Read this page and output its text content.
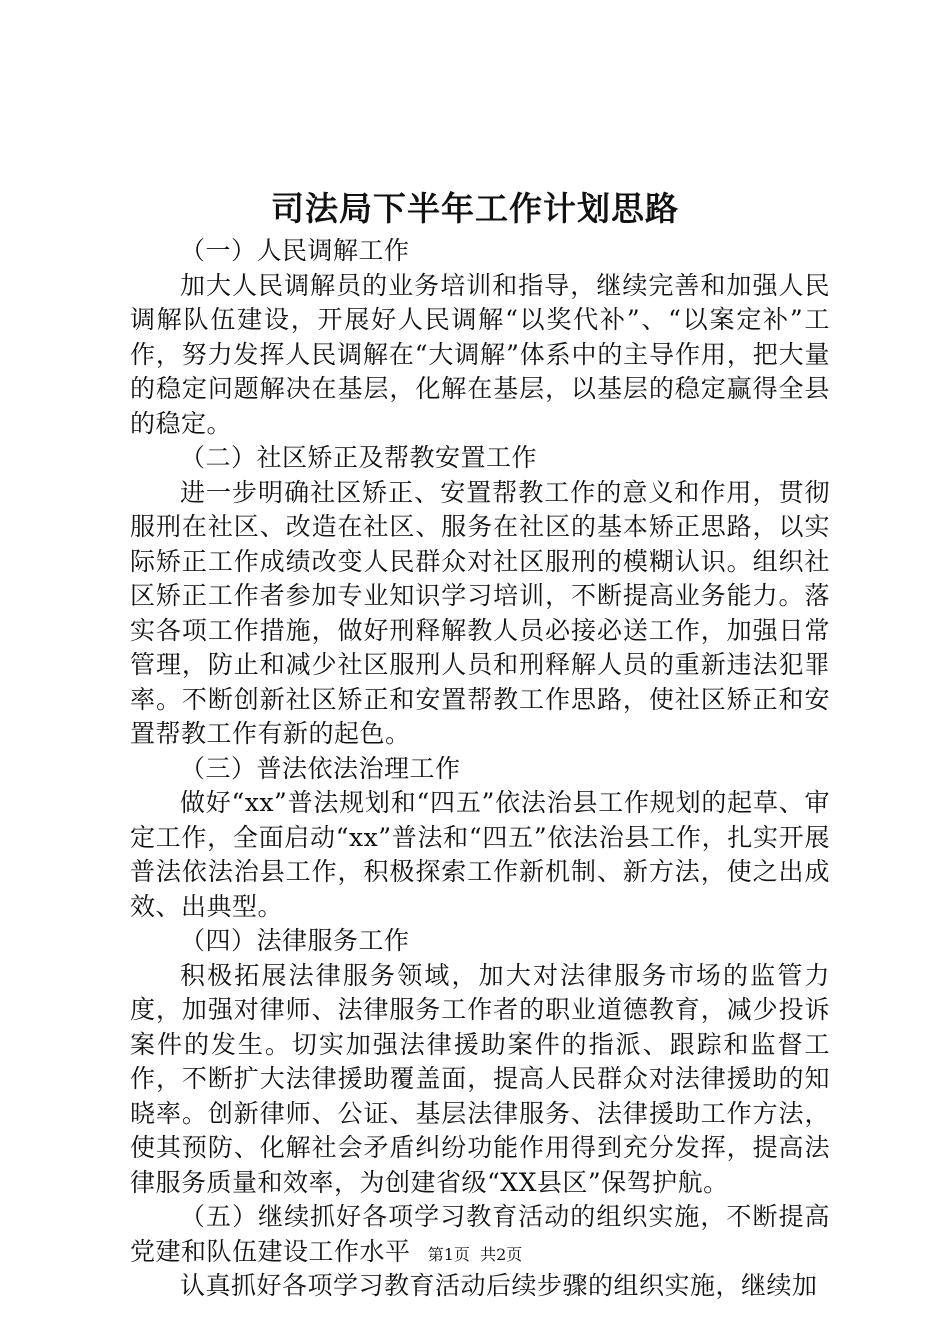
司法局下半年工作计划思路

（一）人民调解工作

加大人民调解员的业务培训和指导，继续完善和加强人民调解队伍建设，开展好人民调解“以奖代补”、“以案定补”工作，努力发挥人民调解在“大调解”体系中的主导作用，把大量的稳定问题解决在基层，化解在基层，以基层的稳定赢得全县的稳定。

（二）社区矫正及帮教安置工作

进一步明确社区矫正、安置帮教工作的意义和作用，贯彻服刑在社区、改造在社区、服务在社区的基本矫正思路，以实际矫正工作成绩改变人民群众对社区服刑的模糊认识。组织社区矫正工作者参加专业知识学习培训，不断提高业务能力。落实各项工作措施，做好刑释解教人员必接必送工作，加强日常管理，防止和减少社区服刑人员和刑释解人员的重新违法犯罪率。不断创新社区矫正和安置帮教工作思路，使社区矫正和安置帮教工作有新的起色。

（三）普法依法治理工作

做好“xx”普法规划和“四五”依法治县工作规划的起草、审定工作，全面启动“xx”普法和“四五”依法治县工作，扎实开展普法依法治县工作，积极探索工作新机制、新方法，使之出成效、出典型。

（四）法律服务工作

积极拓展法律服务领域，加大对法律服务市场的监管力度，加强对律师、法律服务工作者的职业道德教育，减少投诉案件的发生。切实加强法律援助案件的指派、跟踪和监督工作，不断扩大法律援助覆盖面，提高人民群众对法律援助的知晓率。创新律师、公证、基层法律服务、法律援助工作方法，使其预防、化解社会矛盾纠纷功能作用得到充分发挥，提高法律服务质量和效率，为创建省级“XX县区”保驾护航。

（五）继续抓好各项学习教育活动的组织实施，不断提高党建和队伍建设工作水平

认真抓好各项学习教育活动后续步骤的组织实施，继续加

第1页 共2页
